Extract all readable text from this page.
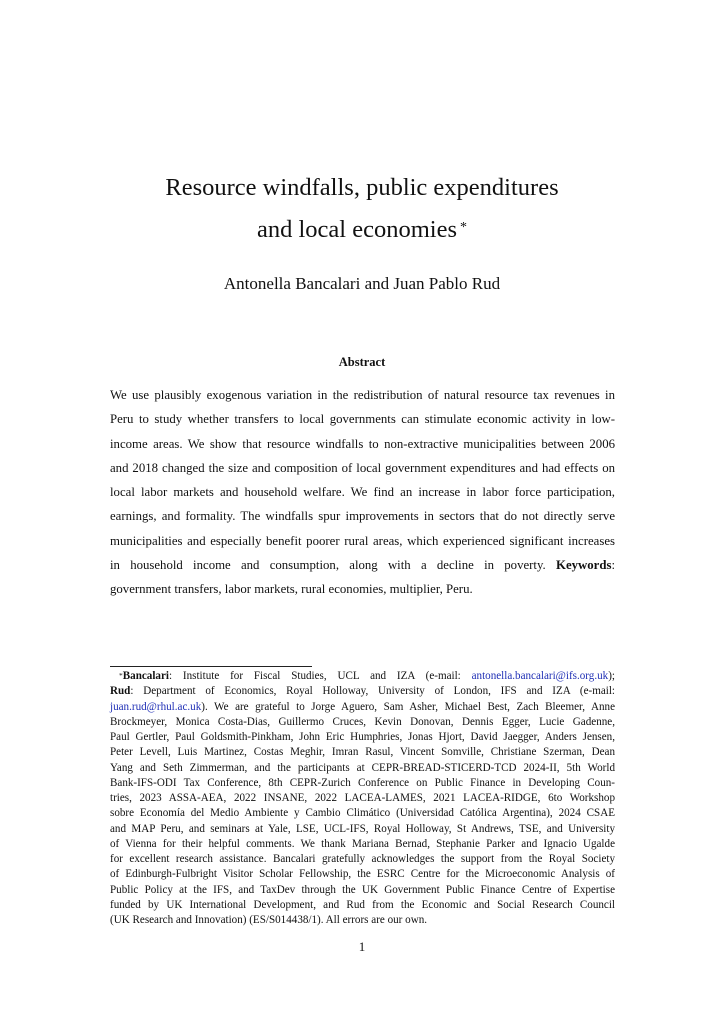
Resource windfalls, public expenditures
and local economies *
Antonella Bancalari and Juan Pablo Rud
Abstract
We use plausibly exogenous variation in the redistribution of natural resource tax revenues in
Peru to study whether transfers to local governments can stimulate economic activity in low-
income areas. We show that resource windfalls to non-extractive municipalities between 2006
and 2018 changed the size and composition of local government expenditures and had effects on
local labor markets and household welfare. We find an increase in labor force participation,
earnings, and formality. The windfalls spur improvements in sectors that do not directly serve
municipalities and especially benefit poorer rural areas, which experienced significant increases
in household income and consumption, along with a decline in poverty. Keywords:
government transfers, labor markets, rural economies, multiplier, Peru.
*Bancalari: Institute for Fiscal Studies, UCL and IZA (e-mail: antonella.bancalari@ifs.org.uk);
Rud: Department of Economics, Royal Holloway, University of London, IFS and IZA (e-mail:
juan.rud@rhul.ac.uk). We are grateful to Jorge Aguero, Sam Asher, Michael Best, Zach Bleemer, Anne
Brockmeyer, Monica Costa-Dias, Guillermo Cruces, Kevin Donovan, Dennis Egger, Lucie Gadenne,
Paul Gertler, Paul Goldsmith-Pinkham, John Eric Humphries, Jonas Hjort, David Jaegger, Anders Jensen,
Peter Levell, Luis Martinez, Costas Meghir, Imran Rasul, Vincent Somville, Christiane Szerman, Dean
Yang and Seth Zimmerman, and the participants at CEPR-BREAD-STICERD-TCD 2024-II, 5th World
Bank-IFS-ODI Tax Conference, 8th CEPR-Zurich Conference on Public Finance in Developing Coun-
tries, 2023 ASSA-AEA, 2022 INSANE, 2022 LACEA-LAMES, 2021 LACEA-RIDGE, 6to Workshop
sobre Economía del Medio Ambiente y Cambio Climático (Universidad Católica Argentina), 2024 CSAE
and MAP Peru, and seminars at Yale, LSE, UCL-IFS, Royal Holloway, St Andrews, TSE, and University
of Vienna for their helpful comments. We thank Mariana Bernad, Stephanie Parker and Ignacio Ugalde
for excellent research assistance. Bancalari gratefully acknowledges the support from the Royal Society
of Edinburgh-Fulbright Visitor Scholar Fellowship, the ESRC Centre for the Microeconomic Analysis of
Public Policy at the IFS, and TaxDev through the UK Government Public Finance Centre of Expertise
funded by UK International Development, and Rud from the Economic and Social Research Council
(UK Research and Innovation) (ES/S014438/1). All errors are our own.
1
